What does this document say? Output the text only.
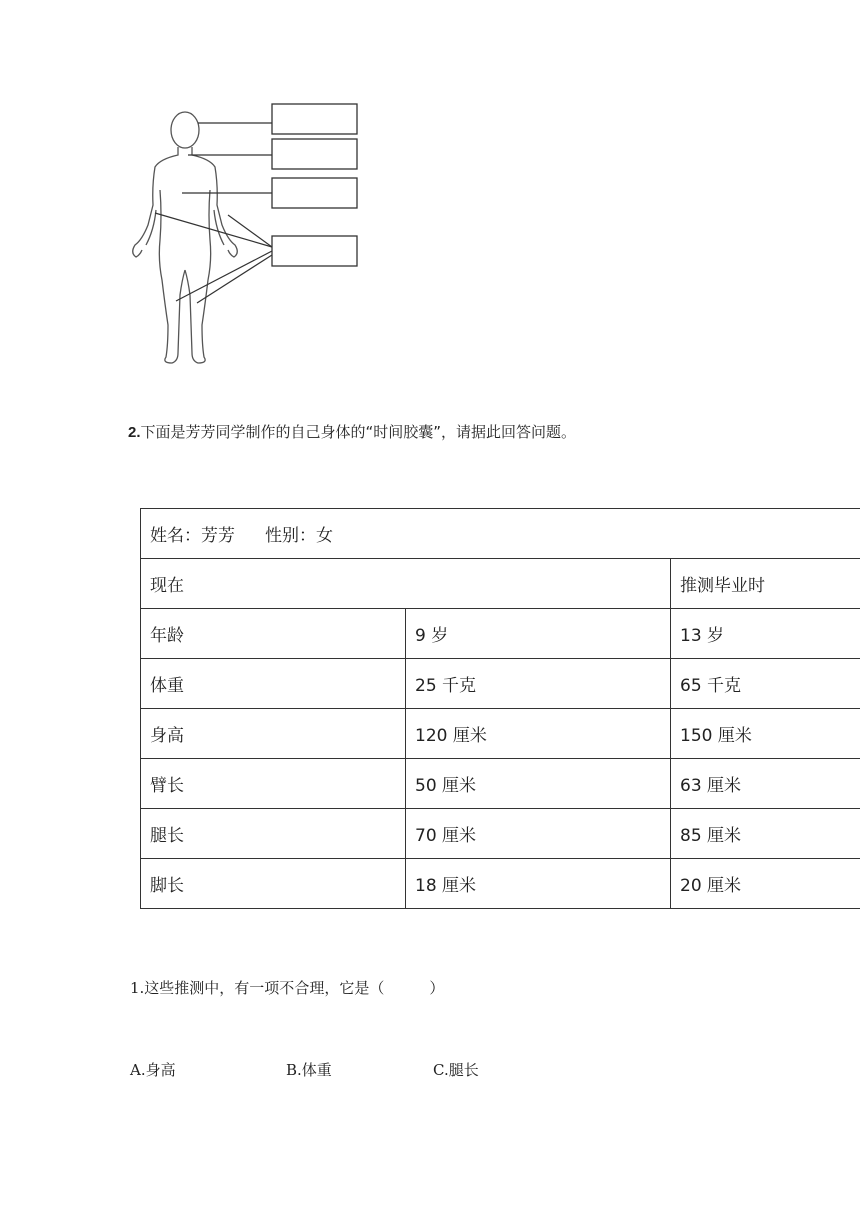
2.下面是芳芳同学制作的自己身体的“时间胶囊”，请据此回答问题。
姓名：芳芳 性别：女		
现在		推测毕业时
年龄	9 岁	13 岁
体重	25 千克	65 千克
身高	120 厘米	150 厘米
臂长	50 厘米	63 厘米
腿长	70 厘米	85 厘米
脚长	18 厘米	20 厘米
1.这些推测中，有一项不合理，它是（　　　）
A.身高	B.体重	C.腿长
